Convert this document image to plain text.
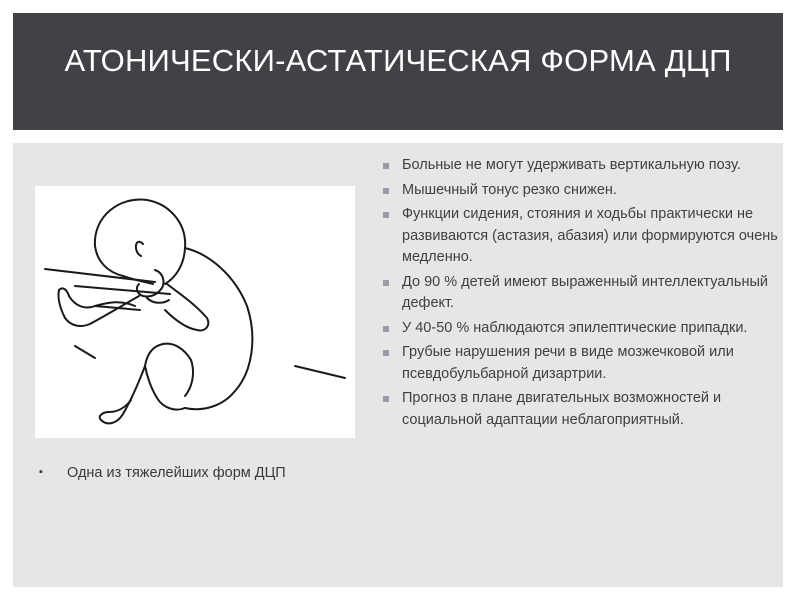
АТОНИЧЕСКИ-АСТАТИЧЕСКАЯ ФОРМА ДЦП
▪	Одна из тяжелейших форм ДЦП
Больные не могут удерживать вертикальную позу.
Мышечный тонус резко снижен.
Функции сидения, стояния и ходьбы практически не развиваются (астазия, абазия) или формируются очень медленно.
До 90 % детей имеют выраженный интеллектуальный дефект.
У 40-50 % наблюдаются эпилептические припадки.
Грубые нарушения речи в виде мозжечковой или псевдобульбарной дизартрии.
Прогноз в плане двигательных возможностей и социальной адаптации неблагоприятный.
